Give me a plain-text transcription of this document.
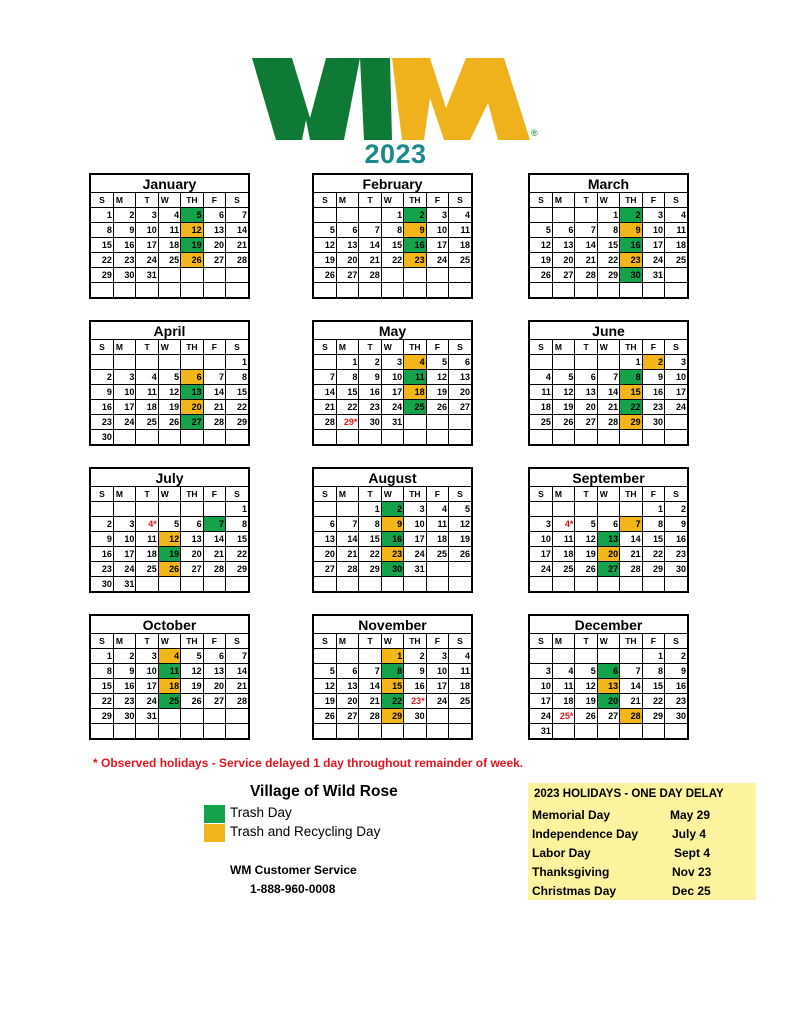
®
2023
January
S	M	T	W	TH	F	S
1	2	3	4	5	6	7
8	9	10	11	12	13	14
15	16	17	18	19	20	21
22	23	24	25	26	27	28
29	30	31				

February
S	M	T	W	TH	F	S
			1	2	3	4
5	6	7	8	9	10	11
12	13	14	15	16	17	18
19	20	21	22	23	24	25
26	27	28				

March
S	M	T	W	TH	F	S
			1	2	3	4
5	6	7	8	9	10	11
12	13	14	15	16	17	18
19	20	21	22	23	24	25
26	27	28	29	30	31	

April
S	M	T	W	TH	F	S
						1
2	3	4	5	6	7	8
9	10	11	12	13	14	15
16	17	18	19	20	21	22
23	24	25	26	27	28	29
30						
May
S	M	T	W	TH	F	S
	1	2	3	4	5	6
7	8	9	10	11	12	13
14	15	16	17	18	19	20
21	22	23	24	25	26	27
28	29*	30	31			

June
S	M	T	W	TH	F	S
				1	2	3
4	5	6	7	8	9	10
11	12	13	14	15	16	17
18	19	20	21	22	23	24
25	26	27	28	29	30	

July
S	M	T	W	TH	F	S
						1
2	3	4*	5	6	7	8
9	10	11	12	13	14	15
16	17	18	19	20	21	22
23	24	25	26	27	28	29
30	31					
August
S	M	T	W	TH	F	S
		1	2	3	4	5
6	7	8	9	10	11	12
13	14	15	16	17	18	19
20	21	22	23	24	25	26
27	28	29	30	31		

September
S	M	T	W	TH	F	S
					1	2
3	4*	5	6	7	8	9
10	11	12	13	14	15	16
17	18	19	20	21	22	23
24	25	26	27	28	29	30

October
S	M	T	W	TH	F	S
1	2	3	4	5	6	7
8	9	10	11	12	13	14
15	16	17	18	19	20	21
22	23	24	25	26	27	28
29	30	31				

November
S	M	T	W	TH	F	S
			1	2	3	4
5	6	7	8	9	10	11
12	13	14	15	16	17	18
19	20	21	22	23*	24	25
26	27	28	29	30		

December
S	M	T	W	TH	F	S
					1	2
3	4	5	6	7	8	9
10	11	12	13	14	15	16
17	18	19	20	21	22	23
24	25*	26	27	28	29	30
31						
* Observed holidays - Service delayed 1 day throughout remainder of week.
Village of Wild Rose
Trash Day
Trash and Recycling Day
WM Customer Service
1-888-960-0008
2023 HOLIDAYS - ONE DAY DELAY
Memorial Day	May 29
Independence Day	July 4
Labor Day	Sept 4
Thanksgiving	Nov 23
Christmas Day	Dec 25
